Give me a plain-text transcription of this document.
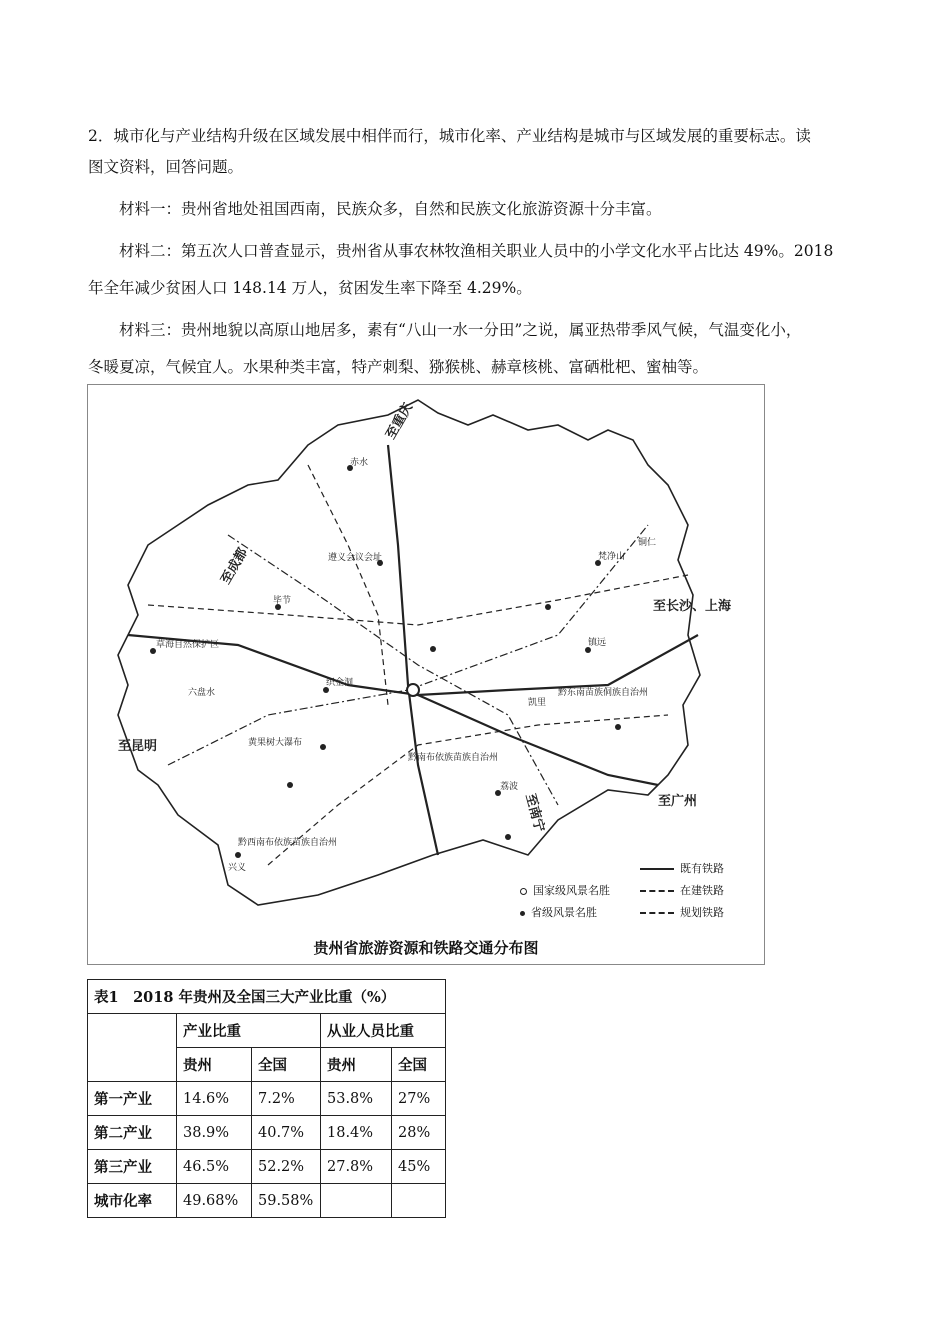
2．城市化与产业结构升级在区域发展中相伴而行，城市化率、产业结构是城市与区域发展的重要标志。读

图文资料，回答问题。

材料一：贵州省地处祖国西南，民族众多，自然和民族文化旅游资源十分丰富。

材料二：第五次人口普查显示，贵州省从事农林牧渔相关职业人员中的小学文化水平占比达 49%。2018

年全年减少贫困人口 148.14 万人，贫困发生率下降至 4.29%。

材料三：贵州地貌以高原山地居多，素有“八山一水一分田”之说，属亚热带季风气候，气温变化小，

冬暖夏凉，气候宜人。水果种类丰富，特产刺梨、猕猴桃、赫章核桃、富硒枇杷、蜜柚等。

至重庆
至成都
至昆明
至长沙、上海
至广州
至南宁
黔东南苗族侗族自治州
黔南布依族苗族自治州
黔西南布依族苗族自治州
草海自然保护区
梵净山
遵义会议会址
毕节
织金洞
赤水
黄果树大瀑布
荔波
镇远
六盘水
凯里
铜仁
兴义
国家级风景名胜
省级风景名胜
既有铁路
在建铁路
规划铁路
贵州省旅游资源和铁路交通分布图
表1　2018 年贵州及全国三大产业比重（%）				
	产业比重		从业人员比重	
	贵州	全国	贵州	全国
第一产业	14.6%	7.2%	53.8%	27%
第二产业	38.9%	40.7%	18.4%	28%
第三产业	46.5%	52.2%	27.8%	45%
城市化率	49.68%	59.58%		
